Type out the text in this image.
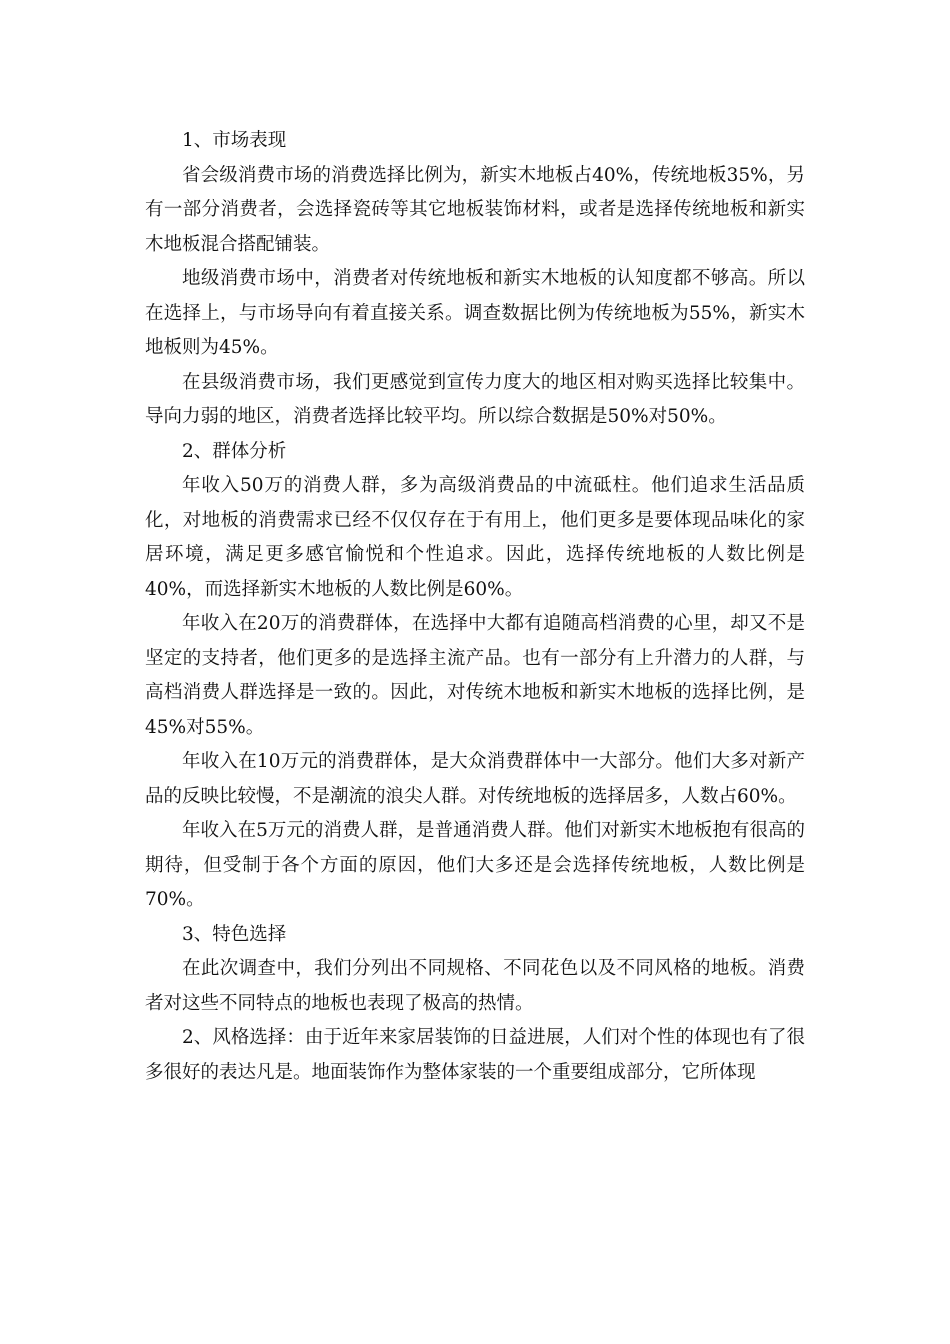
1、市场表现

省会级消费市场的消费选择比例为，新实木地板占40%，传统地板35%，另有一部分消费者，会选择瓷砖等其它地板装饰材料，或者是选择传统地板和新实木地板混合搭配铺装。

地级消费市场中，消费者对传统地板和新实木地板的认知度都不够高。所以在选择上，与市场导向有着直接关系。调查数据比例为传统地板为55%，新实木地板则为45%。

在县级消费市场，我们更感觉到宣传力度大的地区相对购买选择比较集中。导向力弱的地区，消费者选择比较平均。所以综合数据是50%对50%。

2、群体分析

年收入50万的消费人群，多为高级消费品的中流砥柱。他们追求生活品质化，对地板的消费需求已经不仅仅存在于有用上，他们更多是要体现品味化的家居环境，满足更多感官愉悦和个性追求。因此，选择传统地板的人数比例是40%，而选择新实木地板的人数比例是60%。

年收入在20万的消费群体，在选择中大都有追随高档消费的心里，却又不是坚定的支持者，他们更多的是选择主流产品。也有一部分有上升潜力的人群，与高档消费人群选择是一致的。因此，对传统木地板和新实木地板的选择比例，是45%对55%。

年收入在10万元的消费群体，是大众消费群体中一大部分。他们大多对新产品的反映比较慢，不是潮流的浪尖人群。对传统地板的选择居多，人数占60%。

年收入在5万元的消费人群，是普通消费人群。他们对新实木地板抱有很高的期待，但受制于各个方面的原因，他们大多还是会选择传统地板，人数比例是70%。

3、特色选择

在此次调查中，我们分列出不同规格、不同花色以及不同风格的地板。消费者对这些不同特点的地板也表现了极高的热情。

2、风格选择：由于近年来家居装饰的日益进展，人们对个性的体现也有了很多很好的表达凡是。地面装饰作为整体家装的一个重要组成部分，它所体现
